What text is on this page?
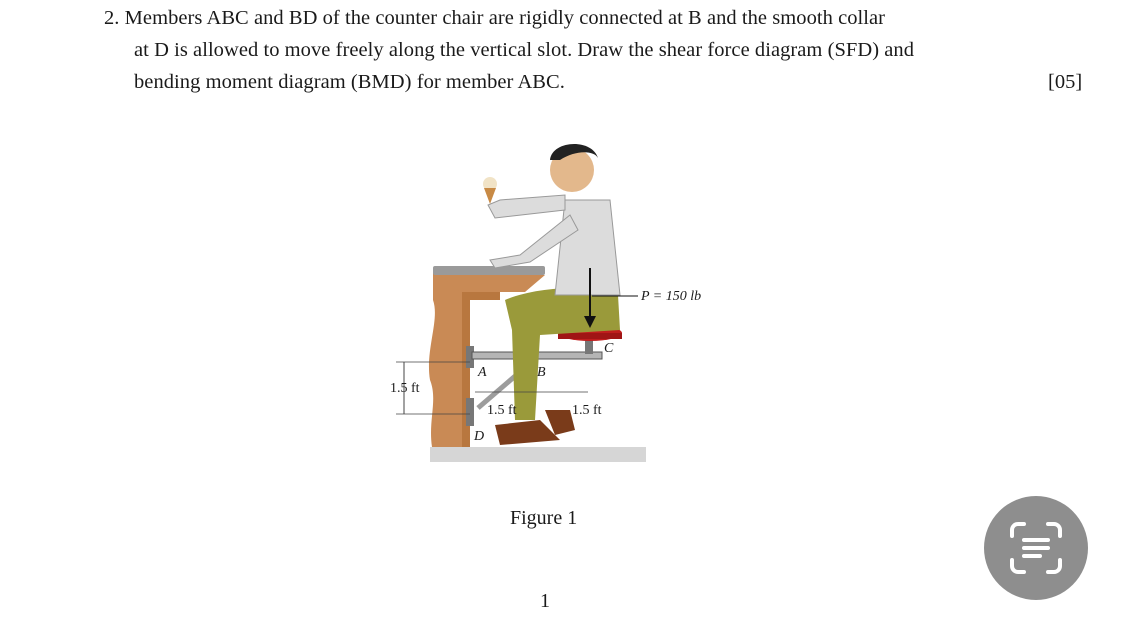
2. Members ABC and BD of the counter chair are rigidly connected at B and the smooth collar
at D is allowed to move freely along the vertical slot. Draw the shear force diagram (SFD) and
bending moment diagram (BMD) for member ABC.	[05]
P = 150 lb
1.5 ft
1.5 ft	1.5 ft
A	B
C
D
Figure 1
1
